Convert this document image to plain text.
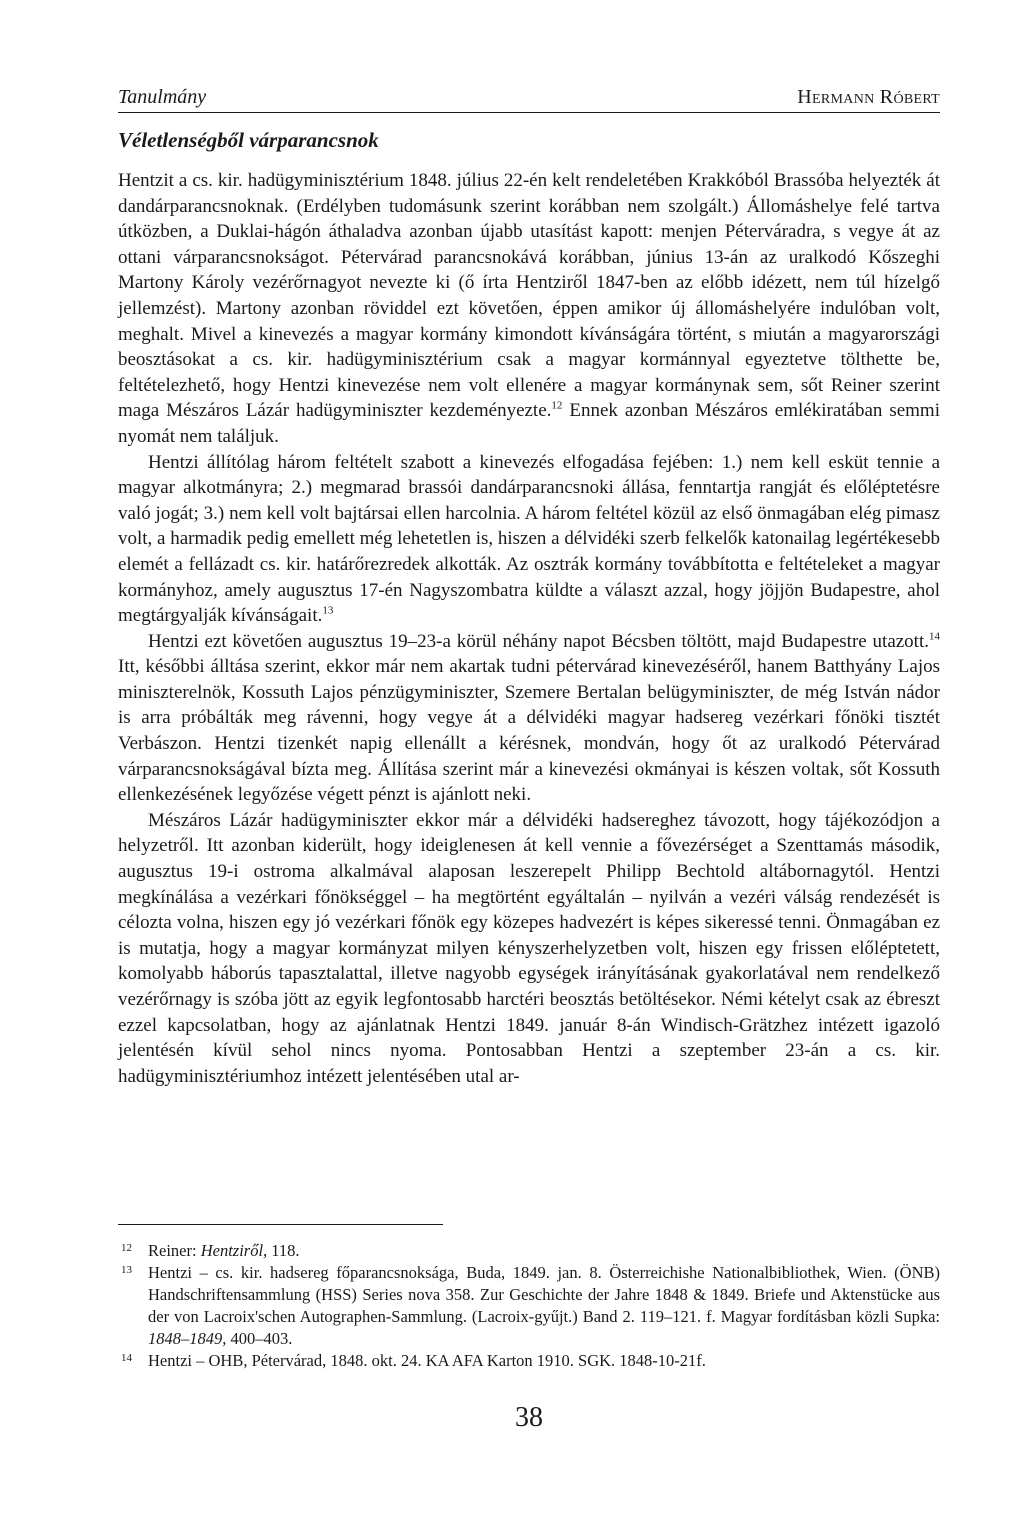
Tanulmány	Hermann Róbert
Véletlenségből várparancsnok

Hentzit a cs. kir. hadügyminisztérium 1848. július 22-én kelt rendeletében Krakkóból Brassóba helyezték át dandárparancsnoknak. (Erdélyben tudomásunk szerint korábban nem szolgált.) Állomáshelye felé tartva útközben, a Duklai-hágón áthaladva azonban újabb utasítást kapott: menjen Péterváradra, s vegye át az ottani várparancsnokságot. Pétervárad parancsnokává korábban, június 13-án az uralkodó Kőszeghi Martony Károly vezérőrnagyot nevezte ki (ő írta Hentziről 1847-ben az előbb idézett, nem túl hízelgő jellemzést). Martony azonban röviddel ezt követően, éppen amikor új állomáshelyére indulóban volt, meghalt. Mivel a kinevezés a magyar kormány kimondott kívánságára történt, s miután a magyarországi beosztásokat a cs. kir. hadügyminisztérium csak a magyar kormánnyal egyeztetve tölthette be, feltételezhető, hogy Hentzi kinevezése nem volt ellenére a magyar kormánynak sem, sőt Reiner szerint maga Mészáros Lázár hadügyminiszter kezdeményezte.$^{12}$ Ennek azonban Mészáros emlékiratában semmi nyomát nem találjuk.

Hentzi állítólag három feltételt szabott a kinevezés elfogadása fejében: 1.) nem kell esküt tennie a magyar alkotmányra; 2.) megmarad brassói dandárparancsnoki állása, fenntartja rangját és előléptetésre való jogát; 3.) nem kell volt bajtársai ellen harcolnia. A három feltétel közül az első önmagában elég pimasz volt, a harmadik pedig emellett még lehetetlen is, hiszen a délvidéki szerb felkelők katonailag legértékesebb elemét a fellázadt cs. kir. határőrezredek alkották. Az osztrák kormány továbbította e feltételeket a magyar kormányhoz, amely augusztus 17-én Nagyszombatra küldte a választ azzal, hogy jöjjön Budapestre, ahol megtárgyalják kívánságait.$^{13}$

Hentzi ezt követően augusztus 19–23-a körül néhány napot Bécsben töltött, majd Budapestre utazott.$^{14}$ Itt, későbbi álltása szerint, ekkor már nem akartak tudni pétervárad kinevezéséről, hanem Batthyány Lajos miniszterelnök, Kossuth Lajos pénzügyminiszter, Szemere Bertalan belügyminiszter, de még István nádor is arra próbálták meg rávenni, hogy vegye át a délvidéki magyar hadsereg vezérkari főnöki tisztét Verbászon. Hentzi tizenkét napig ellenállt a kérésnek, mondván, hogy őt az uralkodó Pétervárad várparancsnokságával bízta meg. Állítása szerint már a kinevezési okmányai is készen voltak, sőt Kossuth ellenkezésének legyőzése végett pénzt is ajánlott neki.

Mészáros Lázár hadügyminiszter ekkor már a délvidéki hadsereghez távozott, hogy tájékozódjon a helyzetről. Itt azonban kiderült, hogy ideiglenesen át kell vennie a fővezérséget a Szenttamás második, augusztus 19-i ostroma alkalmával alaposan leszerepelt Philipp Bechtold altábornagytól. Hentzi megkínálása a vezérkari főnökséggel – ha megtörtént egyáltalán – nyilván a vezéri válság rendezését is célozta volna, hiszen egy jó vezérkari főnök egy közepes hadvezért is képes sikeressé tenni. Önmagában ez is mutatja, hogy a magyar kormányzat milyen kényszerhelyzetben volt, hiszen egy frissen előléptetett, komolyabb háborús tapasztalattal, illetve nagyobb egységek irányításának gyakorlatával nem rendelkező vezérőrnagy is szóba jött az egyik legfontosabb harctéri beosztás betöltésekor. Némi kételyt csak az ébreszt ezzel kapcsolatban, hogy az ajánlatnak Hentzi 1849. január 8-án Windisch-Grätzhez intézett igazoló jelentésén kívül sehol nincs nyoma. Pontosabban Hentzi a szeptember 23-án a cs. kir. hadügyminisztériumhoz intézett jelentésében utal ar-

12 Reiner: Hentziről, 118.
13 Hentzi – cs. kir. hadsereg főparancsnoksága, Buda, 1849. jan. 8. Österreichishe Nationalbibliothek, Wien. (ÖNB) Handschriftensammlung (HSS) Series nova 358. Zur Geschichte der Jahre 1848 & 1849. Briefe und Aktenstücke aus der von Lacroix'schen Autographen-Sammlung. (Lacroix-gyűjt.) Band 2. 119–121. f. Magyar fordításban közli Supka: 1848–1849, 400–403.
14 Hentzi – OHB, Pétervárad, 1848. okt. 24. KA AFA Karton 1910. SGK. 1848-10-21f.
38
